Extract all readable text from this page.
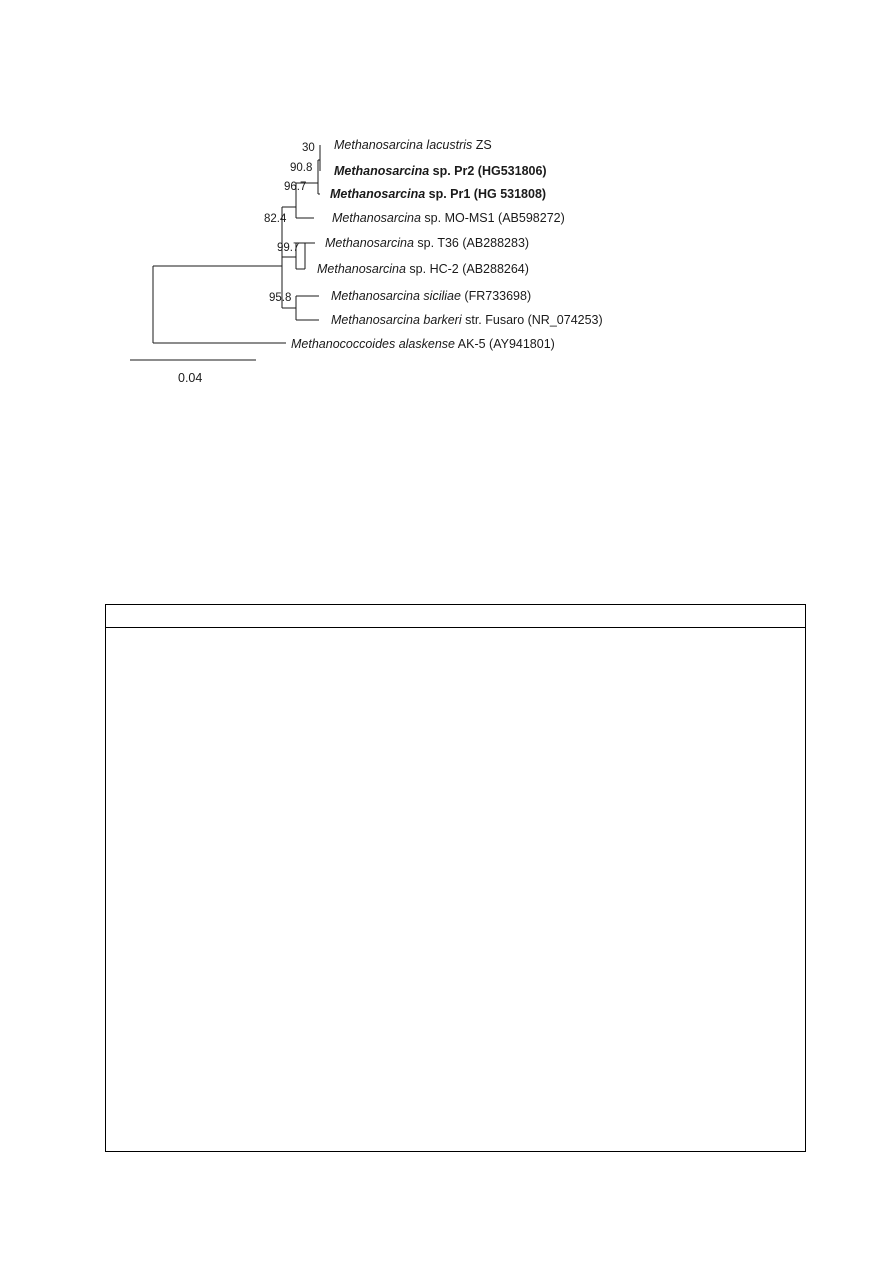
30
90.8
96.7
82.4
99.7
95.8
Methanosarcina lacustris ZS
Methanosarcina sp. Pr2 (HG531806)
Methanosarcina sp. Pr1 (HG 531808)
Methanosarcina sp. MO-MS1 (AB598272)
Methanosarcina sp. T36 (AB288283)
Methanosarcina sp. HC-2 (AB288264)
Methanosarcina siciliae (FR733698)
Methanosarcina barkeri str. Fusaro (NR_074253)
Methanococcoides alaskense AK-5 (AY941801)
0.04
